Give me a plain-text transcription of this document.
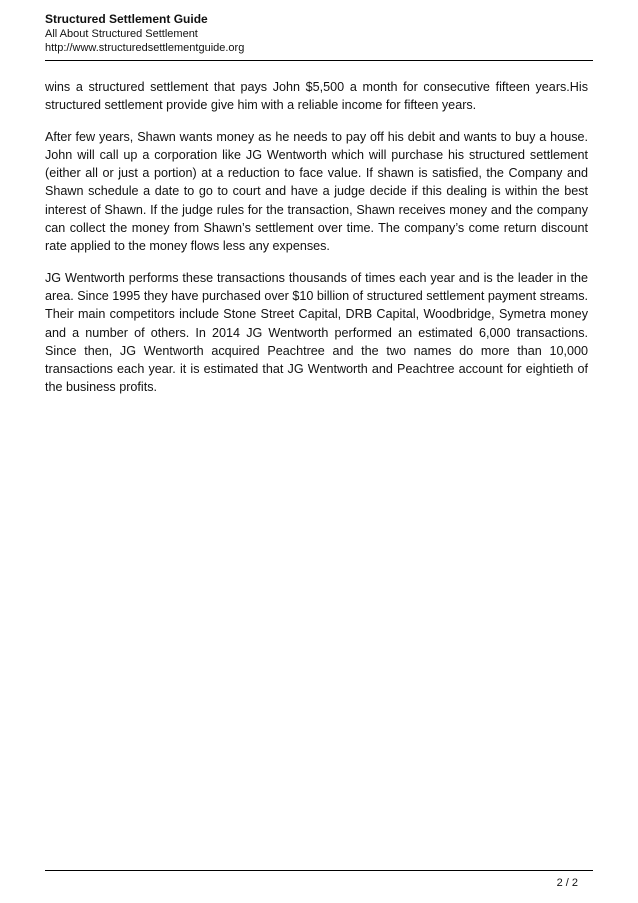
Structured Settlement Guide
All About Structured Settlement
http://www.structuredsettlementguide.org

wins a structured settlement that pays John $5,500 a month for consecutive fifteen years.His structured settlement provide give him with a reliable income for fifteen years.

After few years, Shawn wants money as he needs to pay off his debit and wants to buy a house. John will call up a corporation like JG Wentworth which will purchase his structured settlement (either all or just a portion) at a reduction to face value. If shawn is satisfied, the Company and Shawn schedule a date to go to court and have a judge decide if this dealing is within the best interest of Shawn. If the judge rules for the transaction, Shawn receives money and the company can collect the money from Shawn’s settlement over time. The company’s come return discount rate applied to the money flows less any expenses.

JG Wentworth performs these transactions thousands of times each year and is the leader in the area. Since 1995 they have purchased over $10 billion of structured settlement payment streams. Their main competitors include Stone Street Capital, DRB Capital, Woodbridge, Symetra money and a number of others. In 2014 JG Wentworth performed an estimated 6,000 transactions. Since then, JG Wentworth acquired Peachtree and the two names do more than 10,000 transactions each year. it is estimated that JG Wentworth and Peachtree account for eightieth of the business profits.

2 / 2
